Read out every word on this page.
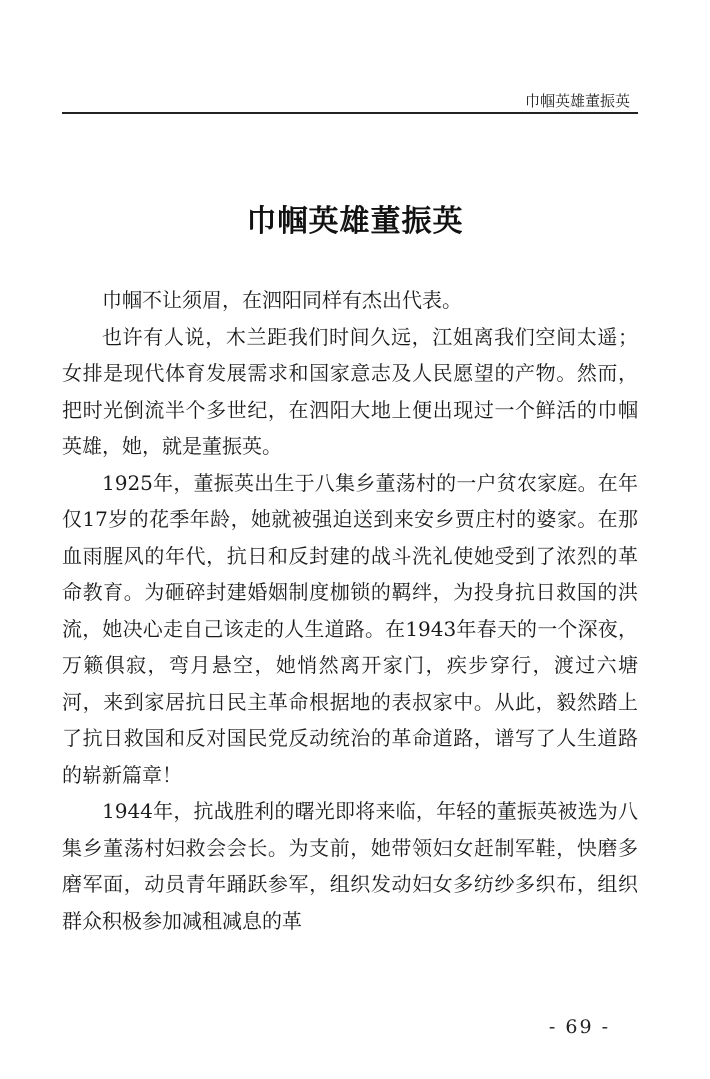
巾帼英雄董振英
巾帼英雄董振英

巾帼不让须眉，在泗阳同样有杰出代表。

也许有人说，木兰距我们时间久远，江姐离我们空间太遥；女排是现代体育发展需求和国家意志及人民愿望的产物。然而，把时光倒流半个多世纪，在泗阳大地上便出现过一个鲜活的巾帼英雄，她，就是董振英。

1925年，董振英出生于八集乡董荡村的一户贫农家庭。在年仅17岁的花季年龄，她就被强迫送到来安乡贾庄村的婆家。在那血雨腥风的年代，抗日和反封建的战斗洗礼使她受到了浓烈的革命教育。为砸碎封建婚姻制度枷锁的羁绊，为投身抗日救国的洪流，她决心走自己该走的人生道路。在1943年春天的一个深夜，万籁俱寂，弯月悬空，她悄然离开家门，疾步穿行，渡过六塘河，来到家居抗日民主革命根据地的表叔家中。从此，毅然踏上了抗日救国和反对国民党反动统治的革命道路，谱写了人生道路的崭新篇章！

1944年，抗战胜利的曙光即将来临，年轻的董振英被选为八集乡董荡村妇救会会长。为支前，她带领妇女赶制军鞋，快磨多磨军面，动员青年踊跃参军，组织发动妇女多纺纱多织布，组织群众积极参加减租减息的革

- 69 -
